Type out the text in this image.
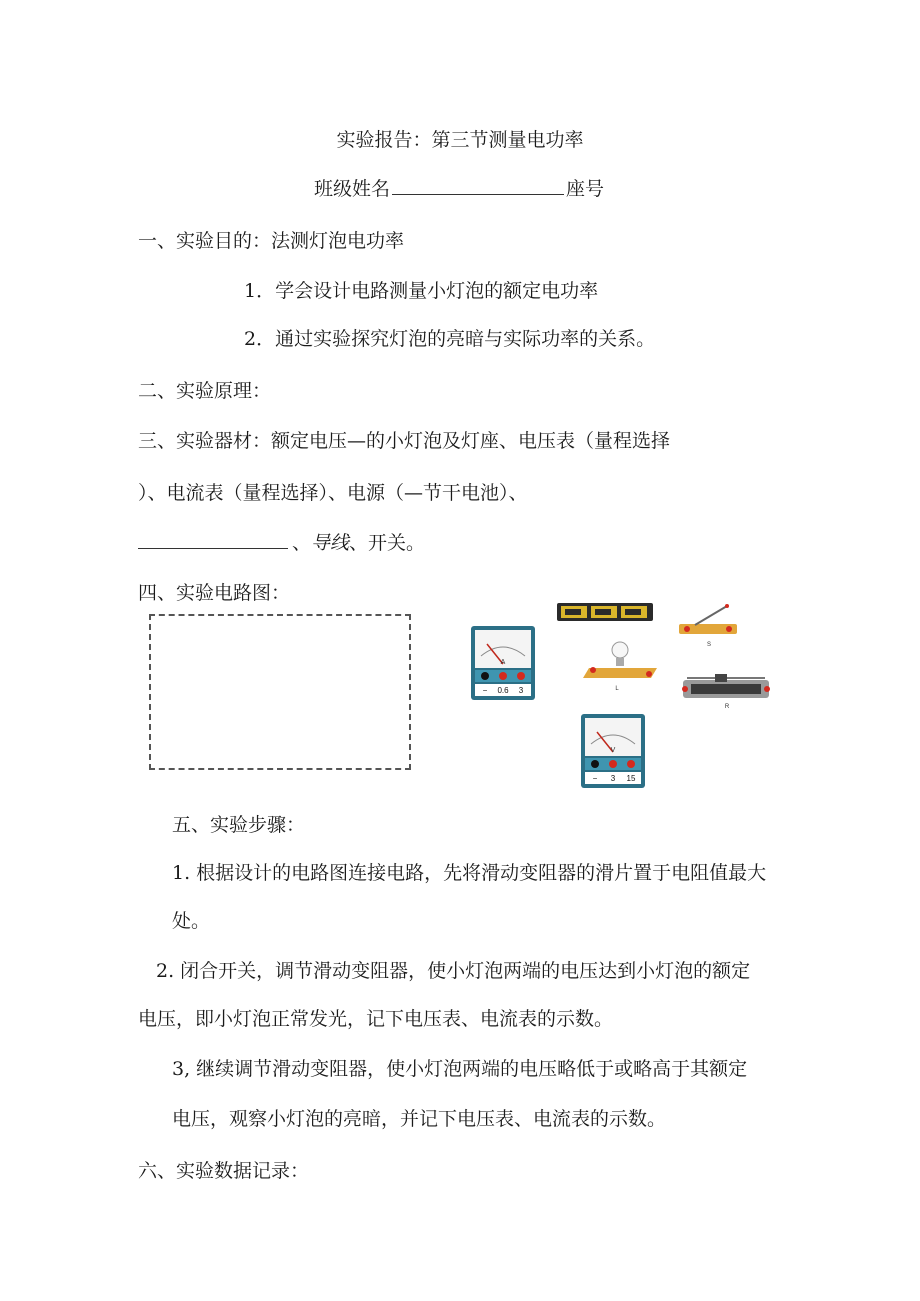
实验报告：第三节测量电功率
班级姓名	座号
一、实验目的：法测灯泡电功率
1．学会设计电路测量小灯泡的额定电功率
2．通过实验探究灯泡的亮暗与实际功率的关系。
二、实验原理：
三、实验器材：额定电压—的小灯泡及灯座、电压表（量程选择
）、电流表（量程选择）、电源（—节干电池）、
、导线、开关。
四、实验电路图：
A
− 0.6 3
S
L
R
V
− 3 15
五、实验步骤：
1. 根据设计的电路图连接电路，先将滑动变阻器的滑片置于电阻值最大
处。
2. 闭合开关，调节滑动变阻器，使小灯泡两端的电压达到小灯泡的额定
电压，即小灯泡正常发光，记下电压表、电流表的示数。
3, 继续调节滑动变阻器，使小灯泡两端的电压略低于或略高于其额定
电压，观察小灯泡的亮暗，并记下电压表、电流表的示数。
六、实验数据记录：
